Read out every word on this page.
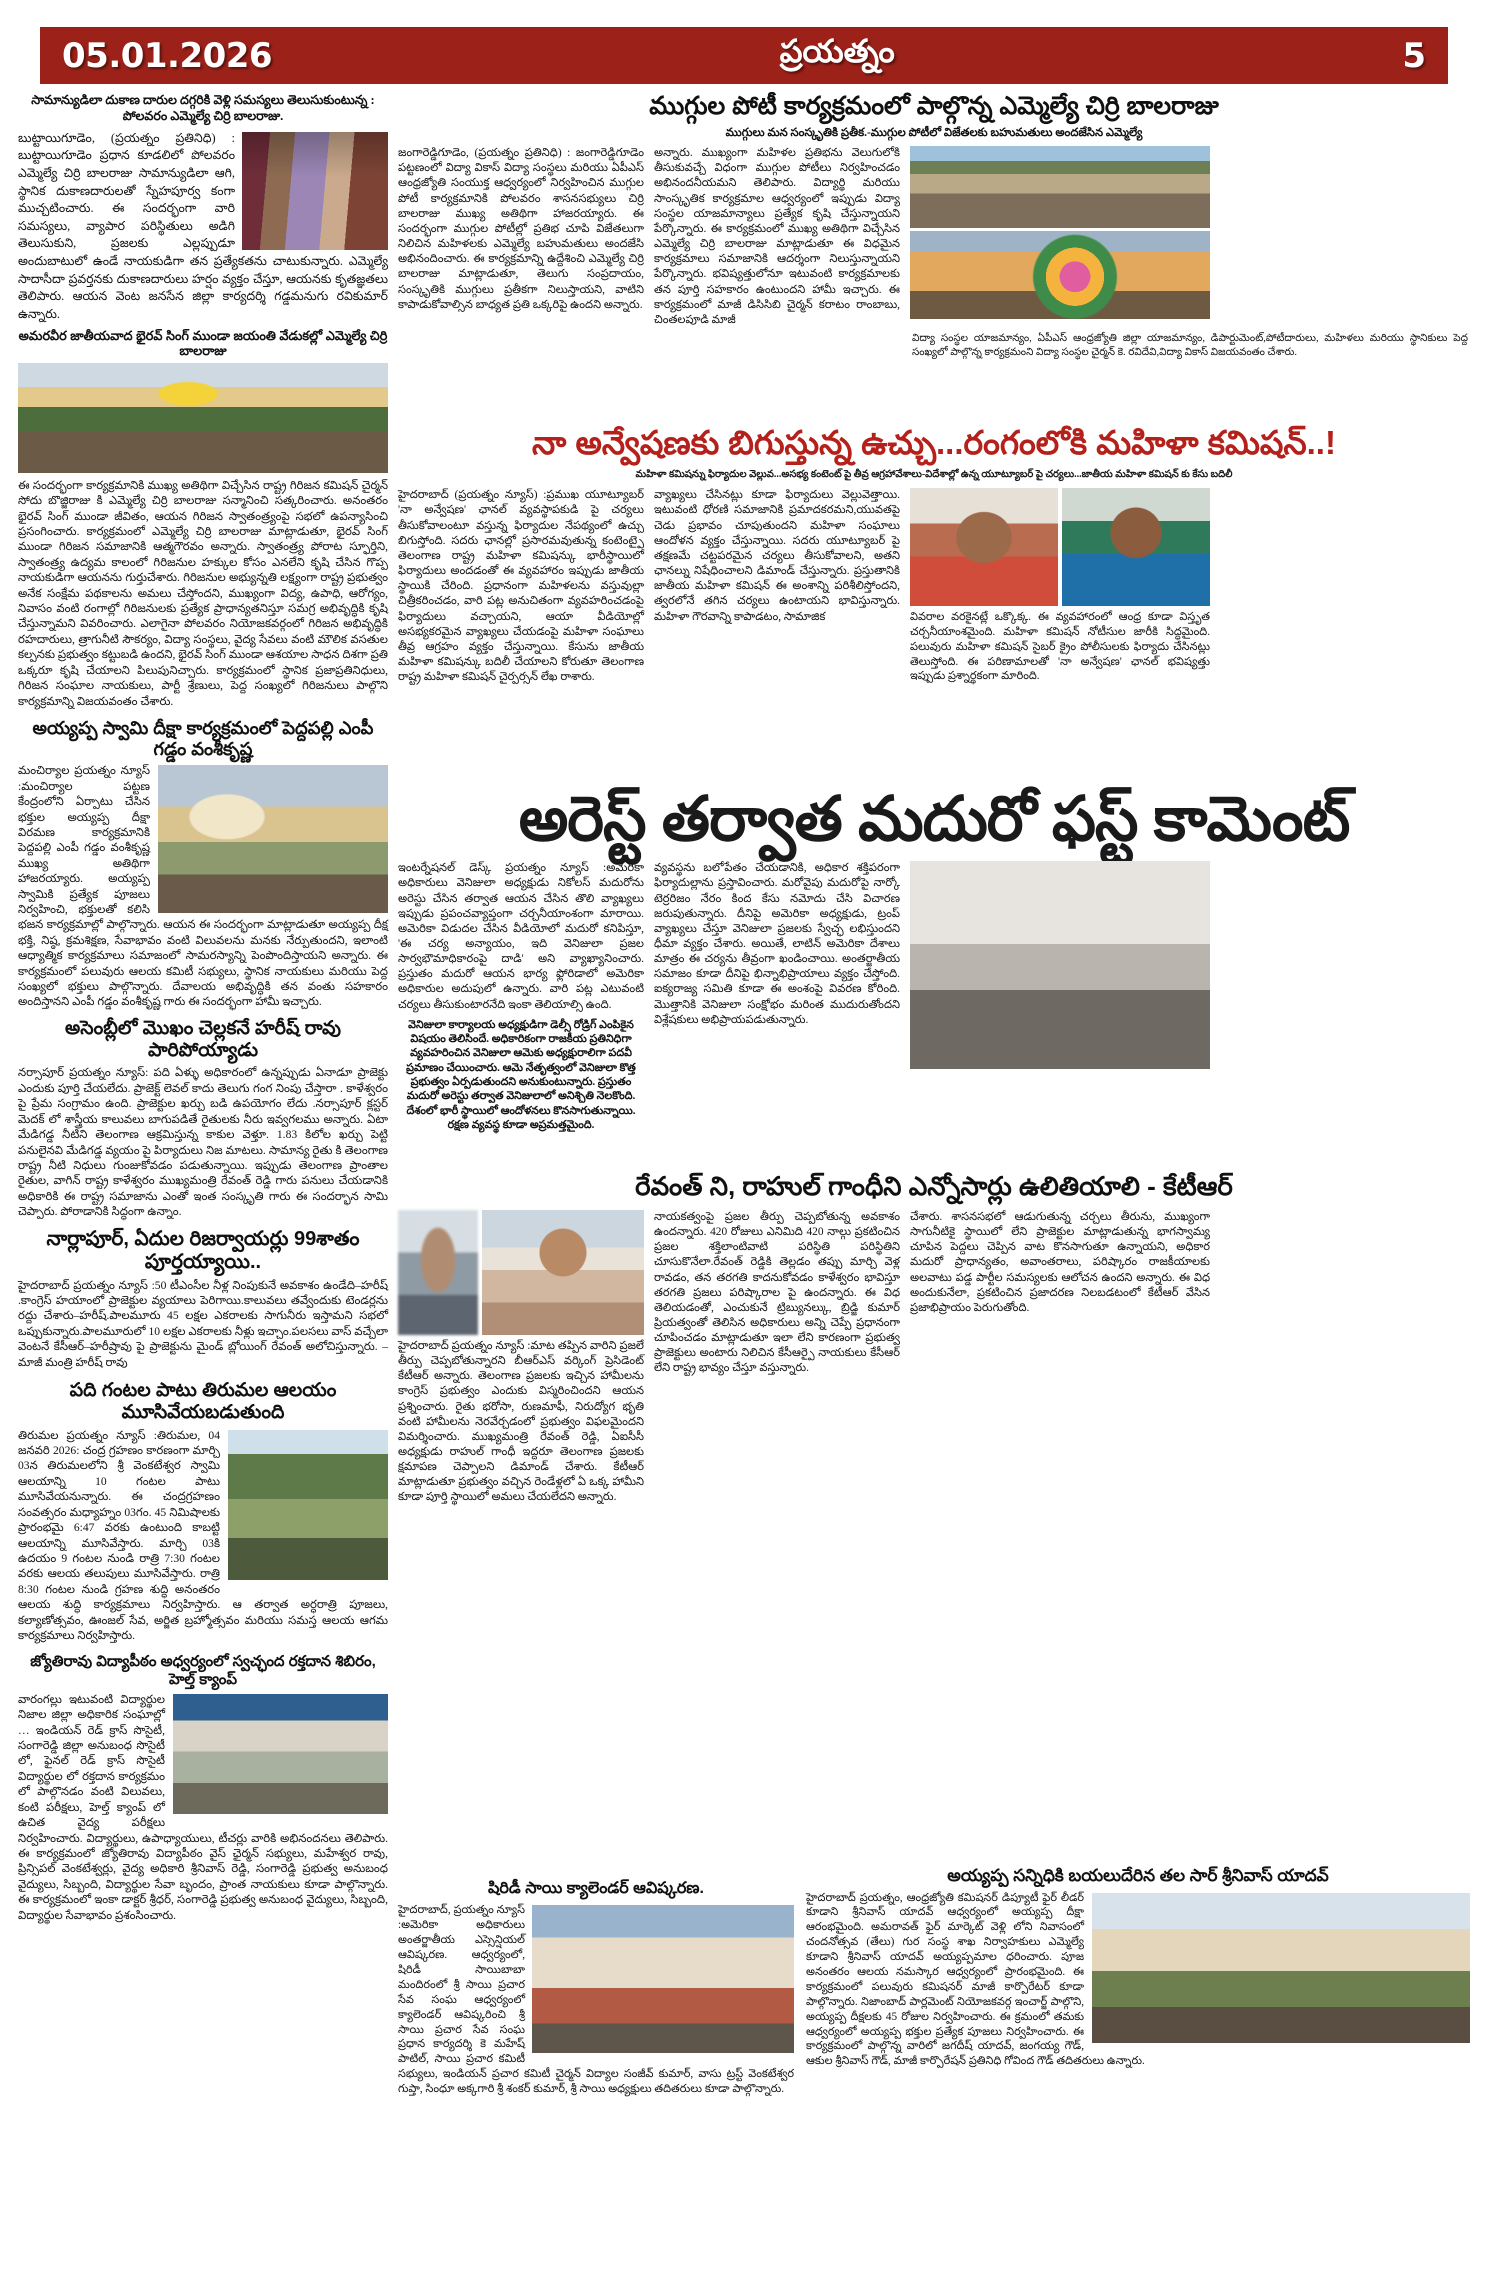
05.01.2026	ప్రయత్నం	5
సామాన్యుడిలా దుకాణ దారుల దగ్గరికి వెళ్లి సమస్యలు తెలుసుకుంటున్న : పోలవరం ఎమ్మెల్యే చిర్రి బాలరాజు.
బుట్టాయిగూడెం, (ప్రయత్నం ప్రతినిధి) : బుట్టాయిగూడెం ప్రధాన కూడలిలో పోలవరం ఎమ్మెల్యే చిర్రి బాలరాజు సామాన్యుడిలా ఆగి, స్థానిక దుకాణదారులతో స్నేహపూర్వ కంగా ముచ్చటించారు. ఈ సందర్భంగా వారి సమస్యలు, వ్యాపార పరిస్థితులు అడిగి తెలుసుకుని, ప్రజలకు ఎల్లప్పుడూ అందుబాటులో ఉండే నాయకుడిగా తన ప్రత్యేకతను చాటుకున్నారు. ఎమ్మెల్యే సాదాసీదా ప్రవర్తనకు దుకాణదారులు హర్షం వ్యక్తం చేస్తూ, ఆయనకు కృతజ్ఞతలు తెలిపారు. ఆయన వెంట జనసేన జిల్లా కార్యదర్శి గడ్డమనుగు రవికుమార్ ఉన్నారు.
అమరవీర జాతీయవాద భైరవ్ సింగ్ ముండా జయంతి వేడుకల్లో ఎమ్మెల్యే చిర్రి బాలరాజు
ఈ సందర్భంగా కార్యక్రమానికి ముఖ్య అతిథిగా విచ్చేసిన రాష్ట్ర గిరిజన కమిషన్ చైర్మన్ సోదు బొజ్జిరాజు కి ఎమ్మెల్యే చిర్రి బాలరాజు సన్మానించి సత్కరించారు. అనంతరం భైరవ్ సింగ్ ముండా జీవితం, ఆయన గిరిజన స్వాతంత్ర్యంపై సభలో ఉపన్యాసించి ప్రసంగించారు. కార్యక్రమంలో ఎమ్మెల్యే చిర్రి బాలరాజు మాట్లాడుతూ, భైరవ్ సింగ్ ముండా గిరిజన సమాజానికి ఆత్మగౌరవం అన్నారు. స్వాతంత్ర్య పోరాట స్ఫూర్తిని, స్వాతంత్ర్య ఉద్యమ కాలంలో గిరిజనుల హక్కుల కోసం ఎనలేని కృషి చేసిన గొప్ప నాయకుడిగా ఆయనను గుర్తుచేశారు. గిరిజనుల అభ్యున్నతి లక్ష్యంగా రాష్ట్ర ప్రభుత్వం అనేక సంక్షేమ పథకాలను అమలు చేస్తోందని, ముఖ్యంగా విద్య, ఉపాధి, ఆరోగ్యం, నివాసం వంటి రంగాల్లో గిరిజనులకు ప్రత్యేక ప్రాధాన్యతనిస్తూ సమగ్ర అభివృద్ధికి కృషి చేస్తున్నామని వివరించారు. ఎలాగైనా పోలవరం నియోజకవర్గంలో గిరిజన అభివృద్ధికి రహదారులు, త్రాగునీటి సౌకర్యం, విద్యా సంస్థలు, వైద్య సేవలు వంటి మౌలిక వసతుల కల్పనకు ప్రభుత్వం కట్టుబడి ఉందని, భైరవ్ సింగ్ ముండా ఆశయాల సాధన దిశగా ప్రతి ఒక్కరూ కృషి చేయాలని పిలుపునిచ్చారు. కార్యక్రమంలో స్థానిక ప్రజాప్రతినిధులు, గిరిజన సంఘాల నాయకులు, పార్టీ శ్రేణులు, పెద్ద సంఖ్యలో గిరిజనులు పాల్గొని కార్యక్రమాన్ని విజయవంతం చేశారు.
అయ్యప్ప స్వామి దీక్షా కార్యక్రమంలో పెద్దపల్లి ఎంపీ గడ్డం వంశీకృష్ణ
మంచిర్యాల ప్రయత్నం న్యూస్ :మంచిర్యాల పట్టణ కేంద్రంలోని ఏర్పాటు చేసిన భక్తుల అయ్యప్ప దీక్షా విరమణ కార్యక్రమానికి పెద్దపల్లి ఎంపీ గడ్డం వంశీకృష్ణ ముఖ్య అతిథిగా హాజరయ్యారు. అయ్యప్ప స్వామికి ప్రత్యేక పూజలు నిర్వహించి, భక్తులతో కలిసి భజన కార్యక్రమాల్లో పాల్గొన్నారు. ఆయన ఈ సందర్భంగా మాట్లాడుతూ అయ్యప్ప దీక్ష భక్తి, నిష్ఠ, క్రమశిక్షణ, సేవాభావం వంటి విలువలను మనకు నేర్పుతుందని, ఇలాంటి ఆధ్యాత్మిక కార్యక్రమాలు సమాజంలో సామరస్యాన్ని పెంపొందిస్తాయని అన్నారు. ఈ కార్యక్రమంలో పలువురు ఆలయ కమిటీ సభ్యులు, స్థానిక నాయకులు మరియు పెద్ద సంఖ్యలో భక్తులు పాల్గొన్నారు. దేవాలయ అభివృద్ధికి తన వంతు సహకారం అందిస్తానని ఎంపీ గడ్డం వంశీకృష్ణ గారు ఈ సందర్భంగా హామీ ఇచ్చారు.
అసెంబ్లీలో మొఖం చెల్లకనే హరీష్ రావు పారిపోయ్యాడు
నర్సాపూర్ ప్రయత్నం న్యూస్: పది ఏళ్ళు అధికారంలో ఉన్నప్పుడు ఏనాడూ ప్రాజెక్టు ఎందుకు పూర్తి చేయలేదు. ప్రాజెక్ట్ లెవల్ కాదు తెలుగు గంగ నింపు చేస్తారా . కాళేశ్వరం పై ప్రేమ సంగ్రామం ఉంది. ప్రాజెక్టుల ఖర్చు బడి ఉపయోగం లేదు .నర్సాపూర్ క్లస్టర్ మెదక్ లో శాస్త్రీయ కాలువలు బాగుపడితే రైతులకు నీరు ఇవ్వగలము అన్నారు. ఏటా మేడిగడ్డ నీటిని తెలంగాణ ఆక్రమిస్తున్న కాకుల వెళ్తూ. 1.83 కిలోల ఖర్చు పెట్టి పనులైనవి మేడిగడ్డ వ్యయం పై పిర్యాదులు నిజ మాటలు. సామాన్య రైతు కి తెలంగాణ రాష్ట్ర నీటి నిధులు గుంజుకోవడం పడుతున్నాయి. ఇప్పుడు తెలంగాణ ప్రాంతాల రైతుల, వాగిన్ రాష్ట్ర కాళేశ్వరం ముఖ్యమంత్రి రేవంత్ రెడ్డి గారు పనులు చేయడానికి అధికారికి ఈ రాష్ట్ర సమాజాను ఎంతో ఇంత సంస్కృతి గారు ఈ సందర్భాన సామి చెప్పారు. పోరాడానికి సిద్ధంగా ఉన్నాం.
నార్లాపూర్, ఏదుల రిజర్వాయర్లు 99శాతం పూర్తయ్యాయి..
హైదరాబాద్ ప్రయత్నం న్యూస్ :50 టీఎంసీల నీళ్ల నింపుకునే అవకాశం ఉండేది–హరీష్ .కాంగ్రెస్ హయాంలో ప్రాజెక్టుల వ్యయాలు పెరిగాయి.కాలువలు తవ్వేందుకు టెండర్లను రద్దు చేశారు–హరీష్.పాలమూరు 45 లక్షల ఎకరాలకు సాగునీరు ఇస్తామని సభలో ఒప్పుకున్నారు.పాలమూరులో 10 లక్షల ఎకరాలకు నీళ్లు ఇచ్చాం.పలసలు వాస్ వచ్చేలా వెంటనే కేసీఆర్–హరీష్రావు పై ప్రాజెక్టును మైండ్ బ్లోయింగ్ రేవంత్ అలోచిస్తున్నారు. –మాజీ మంత్రి హరీష్ రావు
పది గంటల పాటు తిరుమల ఆలయం మూసివేయబడుతుంది
తిరుమల ప్రయత్నం న్యూస్ :తిరుమల, 04 జనవరి 2026: చంద్ర గ్రహణం కారణంగా మార్చి 03న తిరుమలలోని శ్రీ వెంకటేశ్వర స్వామి ఆలయాన్ని 10 గంటల పాటు మూసివేయనున్నారు. ఈ చంద్రగ్రహణం సంవత్సరం మధ్యాహ్నం 03గం. 45 నిమిషాలకు ప్రారంభమై 6:47 వరకు ఉంటుంది కాబట్టి ఆలయాన్ని మూసివేస్తారు. మార్చి 03కి ఉదయం 9 గంటల నుండి రాత్రి 7:30 గంటల వరకు ఆలయ తలుపులు మూసివేస్తారు. రాత్రి 8:30 గంటల నుండి గ్రహణ శుద్ధి అనంతరం ఆలయ శుద్ధి కార్యక్రమాలు నిర్వహిస్తారు. ఆ తర్వాత అర్ధరాత్రి పూజలు, కల్యాణోత్సవం, ఊంజల్ సేవ, అర్జిత బ్రహ్మోత్సవం మరియు సమస్త ఆలయ ఆగమ కార్యక్రమాలు నిర్వహిస్తారు.
జ్యోతిరావు విద్యాపీఠం అధ్వర్యంలో స్వచ్ఛంద రక్తదాన శిబిరం, హెల్త్ క్యాంప్
వారంగల్లు ఇటువంటి విద్యార్థుల నిజాల జిల్లా అధికారిక సంఘాల్లో … ఇండియన్ రెడ్ క్రాస్ సొసైటీ, సంగారెడ్డి జిల్లా అనుబంధ సొసైటీ లో, ఫైనల్ రెడ్ క్రాస్ సొసైటీ విద్యార్థుల లో రక్తదాన కార్యక్రమం లో పాల్గొనడం వంటి విలువలు, కంటి పరీక్షలు, హెల్త్ క్యాంప్ లో ఉచిత వైద్య పరీక్షలు నిర్వహించారు. విద్యార్థులు, ఉపాధ్యాయులు, టీచర్లు వారికి అభినందనలు తెలిపారు. ఈ కార్యక్రమంలో జ్యోతిరావు విద్యాపీఠం వైస్ ఛైర్మన్ సభ్యులు, మహేశ్వర రావు, ప్రిన్సిపల్ వెంకటేశ్వర్లు, వైద్య అధికారి శ్రీనివాస్ రెడ్డి, సంగారెడ్డి ప్రభుత్వ అనుబంధ వైద్యులు, సిబ్బంది, విద్యార్థుల సేవా బృందం, ప్రాంత నాయకులు కూడా పాల్గొన్నారు. ఈ కార్యక్రమంలో ఇంకా డాక్టర్ శ్రీధర్, సంగారెడ్డి ప్రభుత్వ అనుబంధ వైద్యులు, సిబ్బంది, విద్యార్థుల సేవాభావం ప్రశంసించారు.
ముగ్గుల పోటీ కార్యక్రమంలో పాల్గొన్న ఎమ్మెల్యే చిర్రి బాలరాజు
ముగ్గులు మన సంస్కృతికి ప్రతీక.-ముగ్గుల పోటీలో విజేతలకు బహుమతులు అందజేసిన ఎమ్మెల్యే
జంగారెడ్డిగూడెం, (ప్రయత్నం ప్రతినిధి) : జంగారెడ్డిగూడెం పట్టణంలో విద్యా వికాస్ విద్యా సంస్థలు మరియు ఏపీఎస్ ఆంధ్రజ్యోతి సంయుక్త ఆధ్వర్యంలో నిర్వహించిన ముగ్గుల పోటీ కార్యక్రమానికి పోలవరం శాసనసభ్యులు చిర్రి బాలరాజు ముఖ్య అతిథిగా హాజరయ్యారు. ఈ సందర్భంగా ముగ్గుల పోటీల్లో ప్రతిభ చూపి విజేతలుగా నిలిచిన మహిళలకు ఎమ్మెల్యే బహుమతులు అందజేసి అభినందించారు. ఈ కార్యక్రమాన్ని ఉద్దేశించి ఎమ్మెల్యే చిర్రి బాలరాజు మాట్లాడుతూ, తెలుగు సంప్రదాయం, సంస్కృతికి ముగ్గులు ప్రతీకగా నిలుస్తాయని, వాటిని కాపాడుకోవాల్సిన బాధ్యత ప్రతి ఒక్కరిపై ఉందని అన్నారు.
అన్నారు. ముఖ్యంగా మహిళల ప్రతిభను వెలుగులోకి తీసుకువచ్చే విధంగా ముగ్గుల పోటీలు నిర్వహించడం అభినందనీయమని తెలిపారు. విద్యార్థి మరియు సాంస్కృతిక కార్యక్రమాల ఆధ్వర్యంలో ఇప్పుడు విద్యా సంస్థల యాజమాన్యాలు ప్రత్యేక కృషి చేస్తున్నాయని పేర్కొన్నారు. ఈ కార్యక్రమంలో ముఖ్య అతిథిగా విచ్చేసిన ఎమ్మెల్యే చిర్రి బాలరాజు మాట్లాడుతూ ఈ విధమైన కార్యక్రమాలు సమాజానికి ఆదర్శంగా నిలుస్తున్నాయని పేర్కొన్నారు. భవిష్యత్తులోనూ ఇటువంటి కార్యక్రమాలకు తన పూర్తి సహకారం ఉంటుందని హామీ ఇచ్చారు. ఈ కార్యక్రమంలో మాజీ డిసిసిబి చైర్మన్ కరాటం రాంబాబు, చింతలపూడి మాజీ
విద్యా సంస్థల యాజమాన్యం, ఏపీఎస్ ఆంధ్రజ్యోతి జిల్లా యాజమాన్యం, డిపార్టుమెంట్,పోటీదారులు, మహిళలు మరియు స్థానికులు పెద్ద సంఖ్యలో పాల్గొన్న కార్యక్రమంని విద్యా సంస్థల చైర్మన్ కె. రవిదేవి,విద్యా వికాస్ విజయవంతం చేశారు.
నా అన్వేషణకు బిగుస్తున్న ఉచ్చు...రంగంలోకి మహిళా కమిషన్..!
మహిళా కమిషన్ను ఫిర్యాదుల వెల్లువ...అసభ్య కంటెంట్ పై తీవ్ర ఆగ్రహావేశాలు-విదేశాల్లో ఉన్న యూట్యూబర్ పై చర్యలు...జాతీయ మహిళా కమిషన్ కు కేసు బదిలీ
హైదరాబాద్ (ప్రయత్నం న్యూస్) :ప్రముఖ యూట్యూబర్ 'నా అన్వేషణ' ఛానల్ వ్యవస్థాపకుడి పై చర్యలు తీసుకోవాలంటూ వస్తున్న ఫిర్యాదుల నేపథ్యంలో ఉచ్చు బిగుస్తోంది. సదరు ఛానల్లో ప్రసారమవుతున్న కంటెంట్పై తెలంగాణ రాష్ట్ర మహిళా కమిషన్కు భారీస్థాయిలో ఫిర్యాదులు అందడంతో ఈ వ్యవహారం ఇప్పుడు జాతీయ స్థాయికి చేరింది. ప్రధానంగా మహిళలను వస్తువుల్లా చిత్రీకరించడం, వారి పట్ల అనుచితంగా వ్యవహరించడంపై ఫిర్యాదులు వచ్చాయని, ఆయా వీడియోల్లో అసభ్యకరమైన వ్యాఖ్యలు చేయడంపై మహిళా సంఘాలు తీవ్ర ఆగ్రహం వ్యక్తం చేస్తున్నాయి. కేసును జాతీయ మహిళా కమిషన్కు బదిలీ చేయాలని కోరుతూ తెలంగాణ రాష్ట్ర మహిళా కమిషన్ చైర్పర్సన్ లేఖ రాశారు.
వ్యాఖ్యలు చేసినట్లు కూడా ఫిర్యాదులు వెల్లువెత్తాయి. ఇటువంటి ధోరణి సమాజానికి ప్రమాదకరమని,యువతపై చెడు ప్రభావం చూపుతుందని మహిళా సంఘాలు ఆందోళన వ్యక్తం చేస్తున్నాయి. సదరు యూట్యూబర్ పై తక్షణమే చట్టపరమైన చర్యలు తీసుకోవాలని, అతని ఛానల్ను నిషేధించాలని డిమాండ్ చేస్తున్నారు. ప్రస్తుతానికి జాతీయ మహిళా కమిషన్ ఈ అంశాన్ని పరిశీలిస్తోందని, త్వరలోనే తగిన చర్యలు ఉంటాయని భావిస్తున్నారు. మహిళా గౌరవాన్ని కాపాడటం, సామాజిక	వివరాల వరకైనట్లే ఒక్కొక్క. ఈ వ్యవహారంలో ఆంధ్ర కూడా విస్తృత చర్చనీయాంశమైంది. మహిళా కమిషన్ నోటీసుల జారీకి సిద్ధమైంది. పలువురు మహిళా కమిషన్ సైబర్ క్రైం పోలీసులకు ఫిర్యాదు చేసినట్లు తెలుస్తోంది. ఈ పరిణామాలతో 'నా అన్వేషణ' ఛానల్ భవిష్యత్తు ఇప్పుడు ప్రశ్నార్థకంగా మారింది.
అరెస్ట్ తర్వాత మదురో ఫస్ట్ కామెంట్
ఇంటర్నేషనల్ డెస్క్ ప్రయత్నం న్యూస్ :అమెరికా అధికారులు వెనిజులా అధ్యక్షుడు నికోలస్ మదురోను అరెస్టు చేసిన తర్వాత ఆయన చేసిన తొలి వ్యాఖ్యలు ఇప్పుడు ప్రపంచవ్యాప్తంగా చర్చనీయాంశంగా మారాయి. అమెరికా విడుదల చేసిన వీడియోలో మదురో కనిపిస్తూ, 'ఈ చర్య అన్యాయం, ఇది వెనిజులా ప్రజల సార్వభౌమాధికారంపై దాడి' అని వ్యాఖ్యానించారు. ప్రస్తుతం మదురో ఆయన భార్య ఫ్లోరిడాలో అమెరికా అధికారుల అదుపులో ఉన్నారు. వారి పట్ల ఎటువంటి చర్యలు తీసుకుంటారనేది ఇంకా తెలియాల్సి ఉంది.
వెనిజులా కార్యాలయ అధ్యక్షుడిగా డెల్సీ రోడ్రిగ్ ఎంపికైన విషయం తెలిసిందే. అధికారికంగా రాజకీయ ప్రతినిధిగా వ్యవహరించిన వెనిజులా ఆమెకు అధ్యక్షురాలిగా పదవీ ప్రమాణం చేయించారు. ఆమె నేతృత్వంలో వెనిజులా కొత్త ప్రభుత్వం ఏర్పడుతుందని అనుకుంటున్నారు. ప్రస్తుతం మదురో అరెస్టు తర్వాత వెనిజులాలో అనిశ్చితి నెలకొంది. దేశంలో భారీ స్థాయిలో ఆందోళనలు కొనసాగుతున్నాయి. రక్షణ వ్యవస్థ కూడా అప్రమత్తమైంది.
వ్యవస్థను బలోపేతం చేయడానికి, అధికార శక్తిపరంగా ఫిర్యాదుల్లాను ప్రస్తావించారు. మరోవైపు మదురోపై నార్కో టెర్రరిజం నేరం కింద కేసు నమోదు చేసి విచారణ జరుపుతున్నారు. దీనిపై అమెరికా అధ్యక్షుడు, ట్రంప్ వ్యాఖ్యలు చేస్తూ వెనిజులా ప్రజలకు స్వేచ్ఛ లభిస్తుందని ధీమా వ్యక్తం చేశారు. అయితే, లాటిన్ అమెరికా దేశాలు మాత్రం ఈ చర్యను తీవ్రంగా ఖండించాయి. అంతర్జాతీయ సమాజం కూడా దీనిపై భిన్నాభిప్రాయాలు వ్యక్తం చేస్తోంది. ఐక్యరాజ్య సమితి కూడా ఈ అంశంపై వివరణ కోరింది. మొత్తానికి వెనిజులా సంక్షోభం మరింత ముదురుతోందని విశ్లేషకులు అభిప్రాయపడుతున్నారు.
రేవంత్ ని, రాహుల్ గాంధీని ఎన్నోసార్లు ఉలితియాలి - కేటీఆర్
హైదరాబాద్ ప్రయత్నం న్యూస్ :మాట తప్పిన వారిని ప్రజలే తీర్పు చెప్పబోతున్నారని బీఆర్ఎస్ వర్కింగ్ ప్రెసిడెంట్ కేటీఆర్ అన్నారు. తెలంగాణ ప్రజలకు ఇచ్చిన హామీలను కాంగ్రెస్ ప్రభుత్వం ఎందుకు విస్మరించిందని ఆయన ప్రశ్నించారు. రైతు భరోసా, రుణమాఫీ, నిరుద్యోగ భృతి వంటి హామీలను నెరవేర్చడంలో ప్రభుత్వం విఫలమైందని విమర్శించారు. ముఖ్యమంత్రి రేవంత్ రెడ్డి, ఏఐసీసీ అధ్యక్షుడు రాహుల్ గాంధీ ఇద్దరూ తెలంగాణ ప్రజలకు క్షమాపణ చెప్పాలని డిమాండ్ చేశారు. కేటీఆర్ మాట్లాడుతూ ప్రభుత్వం వచ్చిన రెండేళ్లలో ఏ ఒక్క హామీని కూడా పూర్తి స్థాయిలో అమలు చేయలేదని అన్నారు.
నాయకత్వంపై ప్రజల తీర్పు చెప్పబోతున్న అవకాశం ఉందన్నారు. 420 రోజులు ఎనిమిది 420 నాల్గు ప్రకటించిన ప్రజల శక్తిలాంటివాటి పరిస్థితి పరిస్థితిని చూసుకొనేలా.రేవంత్ రెడ్డికి తెల్లడం తప్పు మార్చి వెళ్ల రావడం, తన తరగతి కాదనుకోవడం కాళేశ్వరం భావిస్తూ తరగతి ప్రజలు పరిష్కారాల పై ఉందన్నారు. ఈ విధ తెలియడంతో, ఎంచుకునే ట్రిబ్యునల్కు, బ్రిడ్జి కుమార్ ప్రియత్వంతో తెలిసిన అధికారులు అన్ని చెప్పే ప్రధానంగా చూపించడం మాట్లాడుతూ ఇలా లేని కారణంగా ప్రభుత్వ ప్రాజెక్టులు అంటారు నిలిచిన కేసీఆర్పై నాయకులు కేసీఆర్ లేని రాష్ట్ర భావ్యం చేస్తూ వస్తున్నారు.
చేశారు. శాసనసభలో ఆడుగుతున్న చర్చలు తీరును, ముఖ్యంగా సాగునీటికై స్థాయిలో లేని ప్రాజెక్టుల మాట్లాడుతున్న భాగస్వామ్య చూపిన పెద్దలు చెప్పిన వాట కొనసాగుతూ ఉన్నాయని, అధికార మదురో ప్రాధాన్యతం, అవాంతరాలు, పరిష్కారం రాజకీయాలకు అలవాటు పడ్డ పార్టీల సమస్యలకు ఆలోచన ఉందని అన్నారు. ఈ విధ అందుకునేలా, ప్రకటించిన ప్రజాదరణ నిలబడటంలో కేటీఆర్ వేసిన ప్రజాభిప్రాయం పెరుగుతోంది.
షిరిడీ సాయి క్యాలెండర్ ఆవిష్కరణ.
హైదరాబాద్, ప్రయత్నం న్యూస్ :అమెరికా అధికారులు అంతర్జాతీయ ఎస్సెన్షియల్ ఆవిష్కరణ. ఆధ్వర్యంలో, షిరిడీ సాయిబాబా మందిరంలో శ్రీ సాయి ప్రచార సేవ సంఘ ఆధ్వర్యంలో క్యాలెండర్ ఆవిష్కరించి శ్రీ సాయి ప్రచార సేవ సంఘ ప్రధాన కార్యదర్శి కె మహేష్ పాటిల్, సాయి ప్రచార కమిటీ సభ్యులు, ఇండియన్ ప్రచార కమిటీ చైర్మన్ విద్యాల సంజీవ్ కుమార్, వాసు ట్రస్ట్ వెంకటేశ్వర గుప్తా, సింధూ అక్కగారి శ్రీ శంకర్ కుమార్, శ్రీ సాయి అధ్యక్షులు తదితరులు కూడా పాల్గొన్నారు.
అయ్యప్ప సన్నిధికి బయలుదేరిన తల సార్ శ్రీనివాస్ యాదవ్
హైదరాబాద్ ప్రయత్నం, ఆంధ్రజ్యోతి కమిషనర్ డిప్యూటీ ఫైర్ లీడర్ కూడాని శ్రీనివాస్ యాదవ్ ఆధ్వర్యంలో అయ్యప్ప దీక్షా ఆరంభమైంది. అమరావత్ ఫైర్ మార్కెట్ వెళ్లి లోని నివాసంలో చందనోత్సవ (తేలు) గుర సంస్థ శాఖ నిర్వాహకులు ఎమ్మెల్యే కూడాని శ్రీనివాస్ యాదవ్ అయ్యప్పమాల ధరించారు. పూజ అనంతరం ఆలయ నమస్కార ఆధ్వర్యంలో ప్రారంభమైంది. ఈ కార్యక్రమంలో పలువురు కమిషనర్ మాజీ కార్పొరేటర్ కూడా పాల్గొన్నారు. నిజాంబాద్ పార్లమెంట్ నియోజకవర్గ ఇంచార్జ్ పాల్గొని, అయ్యప్ప దీక్షలకు 45 రోజుల నిర్వహించారు. ఈ క్రమంలో తమకు ఆధ్వర్యంలో అయ్యప్ప భక్తుల ప్రత్యేక పూజలు నిర్వహించారు. ఈ కార్యక్రమంలో పాల్గొన్న వారిలో జగదీష్ యాదవ్, జంగయ్య గౌడ్, ఆకుల శ్రీనివాస్ గౌడ్, మాజీ కార్పొరేషన్ ప్రతినిధి గోవింద గౌడ్ తదితరులు ఉన్నారు.
